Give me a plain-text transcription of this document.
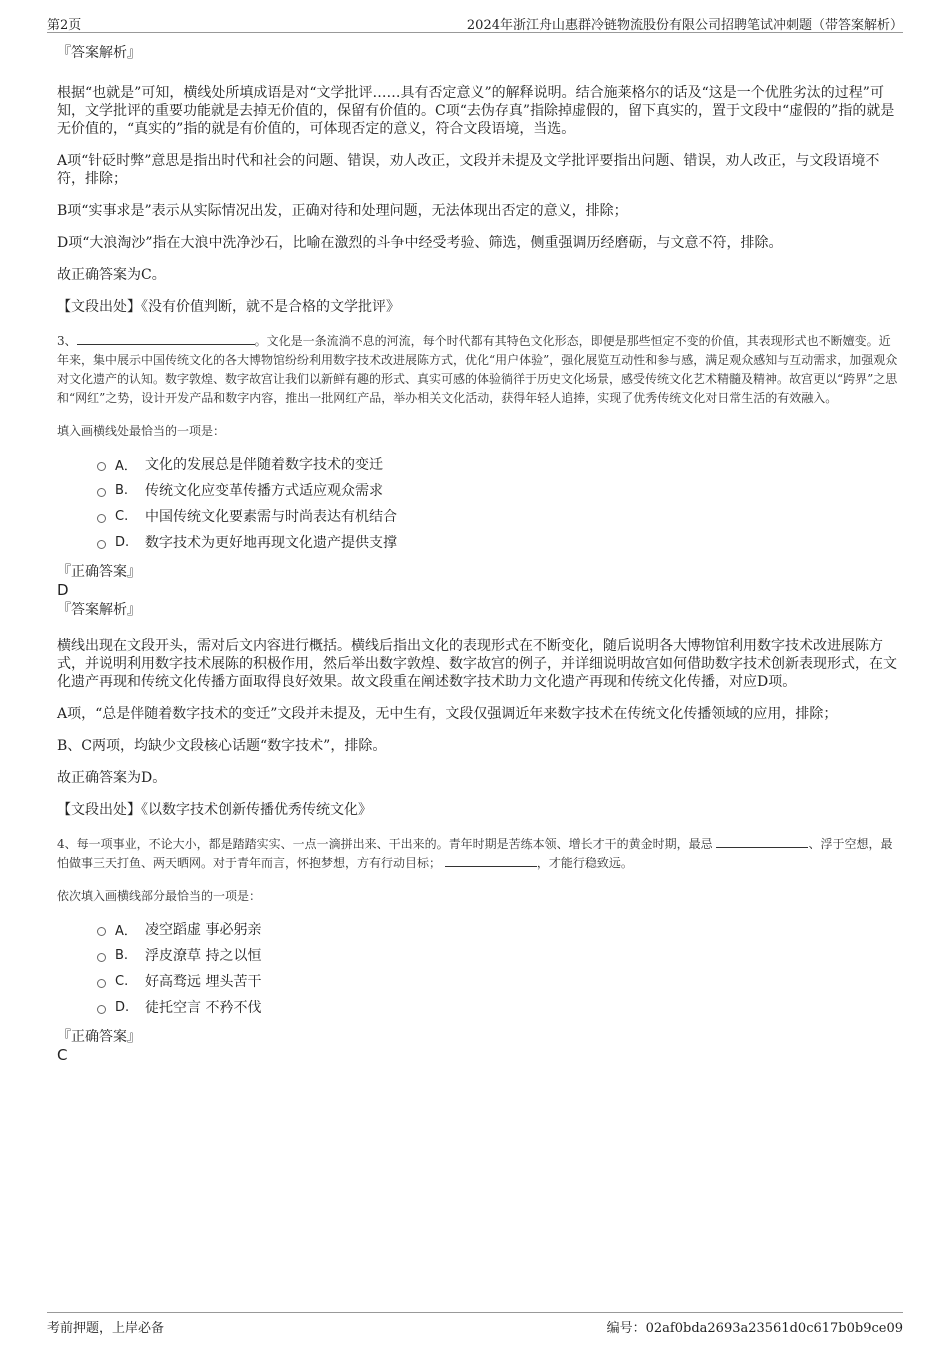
第2页	2024年浙江舟山惠群冷链物流股份有限公司招聘笔试冲刺题（带答案解析）

『答案解析』

根据“也就是”可知，横线处所填成语是对“文学批评……具有否定意义”的解释说明。结合施莱格尔的话及“这是一个优胜劣汰的过程”可知，文学批评的重要功能就是去掉无价值的，保留有价值的。C项“去伪存真”指除掉虚假的，留下真实的，置于文段中“虚假的”指的就是无价值的，“真实的”指的就是有价值的，可体现否定的意义，符合文段语境，当选。

A项“针砭时弊”意思是指出时代和社会的问题、错误，劝人改正，文段并未提及文学批评要指出问题、错误，劝人改正，与文段语境不符，排除；

B项“实事求是”表示从实际情况出发，正确对待和处理问题，无法体现出否定的意义，排除；

D项“大浪淘沙”指在大浪中洗净沙石，比喻在激烈的斗争中经受考验、筛选，侧重强调历经磨砺，与文意不符，排除。

故正确答案为C。

【文段出处】《没有价值判断，就不是合格的文学批评》

3、	。文化是一条流淌不息的河流，每个时代都有其特色文化形态，即便是那些恒定不变的价值，其表现形式也不断嬗变。近年来，集中展示中国传统文化的各大博物馆纷纷利用数字技术改进展陈方式，优化“用户体验”，强化展览互动性和参与感，满足观众感知与互动需求，加强观众对文化遗产的认知。数字敦煌、数字故宫让我们以新鲜有趣的形式、真实可感的体验徜徉于历史文化场景，感受传统文化艺术精髓及精神。故宫更以“跨界”之思和“网红”之势，设计开发产品和数字内容，推出一批网红产品，举办相关文化活动，获得年轻人追捧，实现了优秀传统文化对日常生活的有效融入。

填入画横线处最恰当的一项是：

A． 文化的发展总是伴随着数字技术的变迁
B.	传统文化应变革传播方式适应观众需求
C.	中国传统文化要素需与时尚表达有机结合
D.	数字技术为更好地再现文化遗产提供支撑

『正确答案』

D

『答案解析』

横线出现在文段开头，需对后文内容进行概括。横线后指出文化的表现形式在不断变化，随后说明各大博物馆利用数字技术改进展陈方式，并说明利用数字技术展陈的积极作用，然后举出数字敦煌、数字故宫的例子，并详细说明故宫如何借助数字技术创新表现形式，在文化遗产再现和传统文化传播方面取得良好效果。故文段重在阐述数字技术助力文化遗产再现和传统文化传播，对应D项。

A项，“总是伴随着数字技术的变迁”文段并未提及，无中生有，文段仅强调近年来数字技术在传统文化传播领域的应用，排除；

B、C两项，均缺少文段核心话题“数字技术”，排除。

故正确答案为D。

【文段出处】《以数字技术创新传播优秀传统文化》

4、每一项事业，不论大小，都是踏踏实实、一点一滴拼出来、干出来的。青年时期是苦练本领、增长才干的黄金时期，最忌	、浮于空想，最怕做事三天打鱼、两天晒网。对于青年而言，怀抱梦想，方有行动目标；	，才能行稳致远。

依次填入画横线部分最恰当的一项是：

A． 凌空蹈虚 事必躬亲
B.	浮皮潦草 持之以恒
C.	好高骛远 埋头苦干
D.	徒托空言 不矜不伐

『正确答案』

C

考前押题，上岸必备	编号：02af0bda2693a23561d0c617b0b9ce09
